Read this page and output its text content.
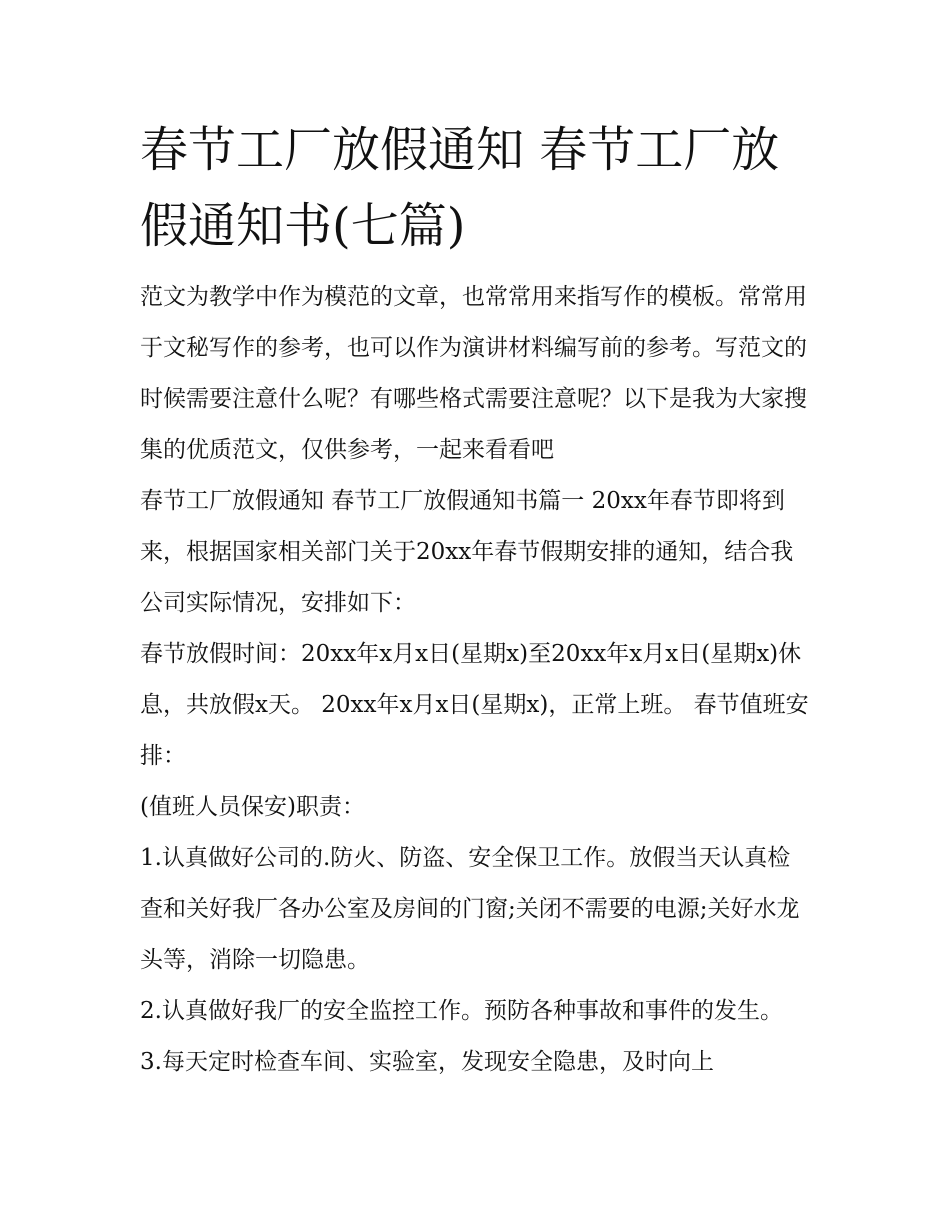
春节工厂放假通知 春节工厂放假通知书(七篇)

范文为教学中作为模范的文章，也常常用来指写作的模板。常常用于文秘写作的参考，也可以作为演讲材料编写前的参考。写范文的时候需要注意什么呢？有哪些格式需要注意呢？以下是我为大家搜集的优质范文，仅供参考，一起来看看吧

春节工厂放假通知 春节工厂放假通知书篇一 20xx年春节即将到来，根据国家相关部门关于20xx年春节假期安排的通知，结合我公司实际情况，安排如下：

春节放假时间：20xx年x月x日(星期x)至20xx年x月x日(星期x)休息，共放假x天。 20xx年x月x日(星期x)，正常上班。 春节值班安排：

(值班人员保安)职责：

1.认真做好公司的.防火、防盗、安全保卫工作。放假当天认真检查和关好我厂各办公室及房间的门窗;关闭不需要的电源;关好水龙头等，消除一切隐患。

2.认真做好我厂的安全监控工作。预防各种事故和事件的发生。 3.每天定时检查车间、实验室，发现安全隐患，及时向上
